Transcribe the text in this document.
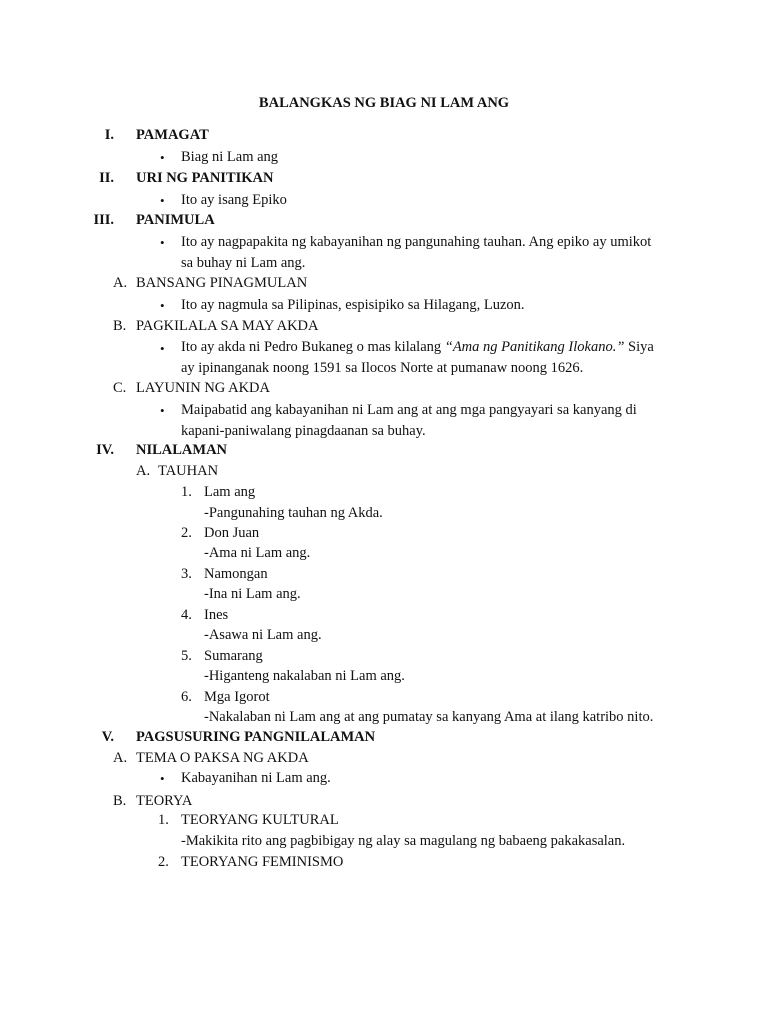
BALANGKAS NG BIAG NI LAM ANG
I. PAMAGAT
• Biag ni Lam ang
II. URI NG PANITIKAN
• Ito ay isang Epiko
III. PANIMULA
• Ito ay nagpapakita ng kabayanihan ng pangunahing tauhan. Ang epiko ay umikot
sa buhay ni Lam ang.
A. BANSANG PINAGMULAN
• Ito ay nagmula sa Pilipinas, espisipiko sa Hilagang, Luzon.
B. PAGKILALA SA MAY AKDA
• Ito ay akda ni Pedro Bukaneg o mas kilalang “Ama ng Panitikang Ilokano.” Siya
ay ipinanganak noong 1591 sa Ilocos Norte at pumanaw noong 1626.
C. LAYUNIN NG AKDA
• Maipabatid ang kabayanihan ni Lam ang at ang mga pangyayari sa kanyang di
kapani-paniwalang pinagdaanan sa buhay.
IV. NILALAMAN
A. TAUHAN
1. Lam ang
-Pangunahing tauhan ng Akda.
2. Don Juan
-Ama ni Lam ang.
3. Namongan
-Ina ni Lam ang.
4. Ines
-Asawa ni Lam ang.
5. Sumarang
-Higanteng nakalaban ni Lam ang.
6. Mga Igorot
-Nakalaban ni Lam ang at ang pumatay sa kanyang Ama at ilang katribo nito.
V. PAGSUSURING PANGNILALAMAN
A. TEMA O PAKSA NG AKDA
• Kabayanihan ni Lam ang.
B. TEORYA
1. TEORYANG KULTURAL
-Makikita rito ang pagbibigay ng alay sa magulang ng babaeng pakakasalan.
2. TEORYANG FEMINISMO
